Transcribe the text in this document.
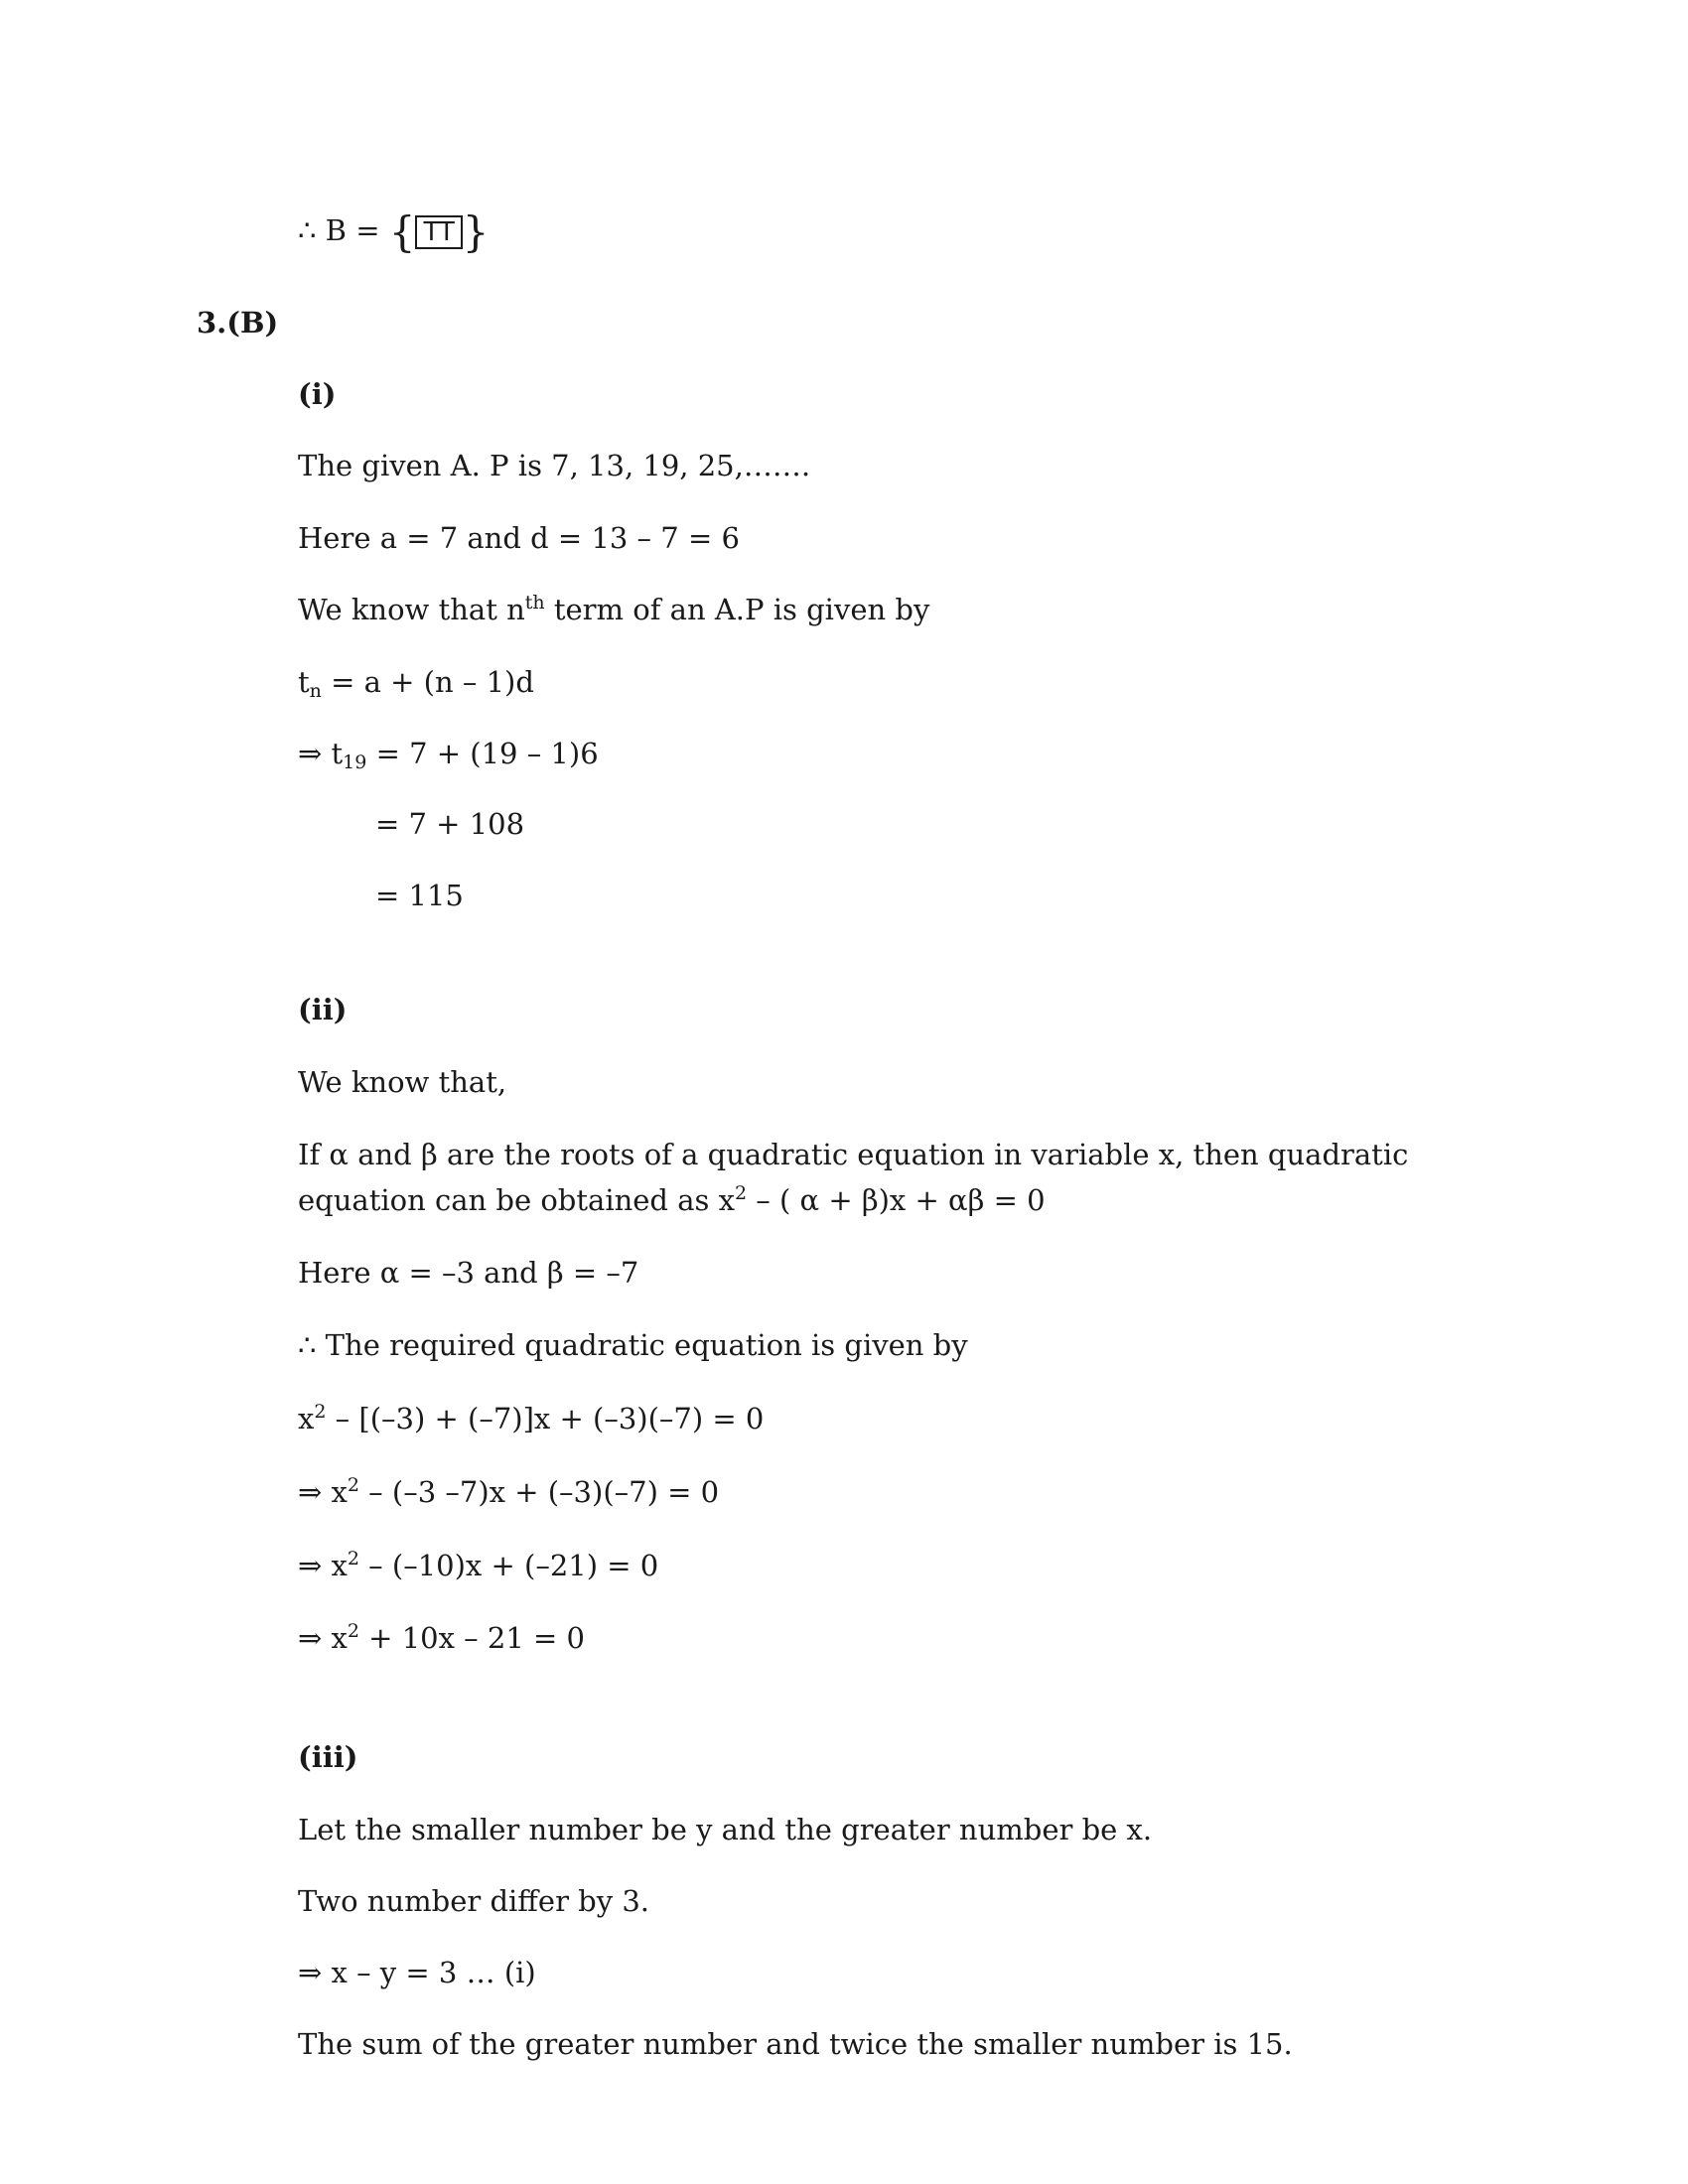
∴ B = { TT }
3.(B)
(i)
The given A. P is 7, 13, 19, 25,…….
Here a = 7 and d = 13 – 7 = 6
We know that $n^{th}$ term of an A.P is given by
$t_n = a + (n - 1)d$
⇒ $t_{19} = 7 + (19 - 1)6$
= 7 + 108
= 115
(ii)
We know that,
If α and β are the roots of a quadratic equation in variable x, then quadratic
equation can be obtained as $x^2$ – ( α + β)x + αβ = 0
Here α = –3 and β = –7
∴ The required quadratic equation is given by
$x^2 - [(-3) + (-7)]x + (-3)(-7) = 0$
⇒ $x^2 - (-3$ –7)x + (–3)(–7) = 0
⇒ $x^2 - (-10)x + (-21) = 0$
⇒ $x^2 + 10x - 21 = 0$
(iii)
Let the smaller number be y and the greater number be x.
Two number differ by 3.
⇒ x – y = 3 … (i)
The sum of the greater number and twice the smaller number is 15.
